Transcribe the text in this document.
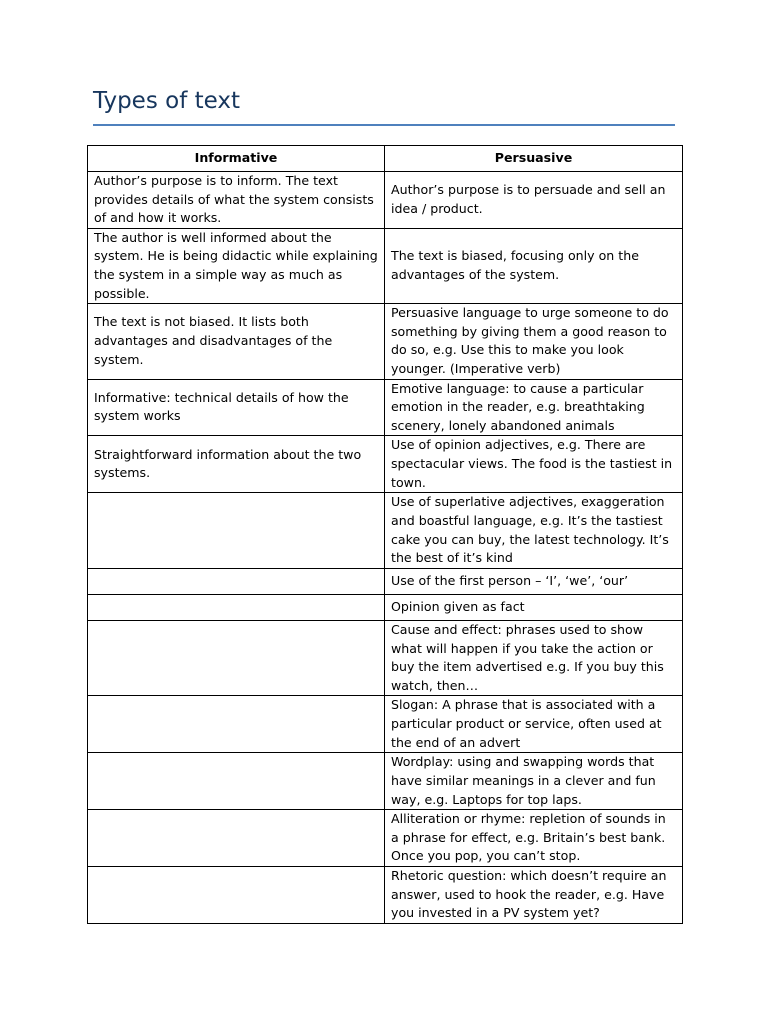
Types of text
Informative	Persuasive
Author’s purpose is to inform. The text provides details of what the system consists of and how it works.	Author’s purpose is to persuade and sell an idea / product.
The author is well informed about the system. He is being didactic while explaining the system in a simple way as much as possible.	The text is biased, focusing only on the advantages of the system.
The text is not biased. It lists both advantages and disadvantages of the system.	Persuasive language to urge someone to do something by giving them a good reason to do so, e.g. Use this to make you look younger. (Imperative verb)
Informative: technical details of how the system works	Emotive language: to cause a particular emotion in the reader, e.g. breathtaking scenery, lonely abandoned animals
Straightforward information about the two systems.	Use of opinion adjectives, e.g. There are spectacular views. The food is the tastiest in town.
	Use of superlative adjectives, exaggeration and boastful language, e.g. It’s the tastiest cake you can buy, the latest technology. It’s the best of it’s kind
	Use of the first person – ‘I’, ‘we’, ‘our’
	Opinion given as fact
	Cause and effect: phrases used to show what will happen if you take the action or buy the item advertised e.g. If you buy this watch, then…
	Slogan: A phrase that is associated with a particular product or service, often used at the end of an advert
	Wordplay: using and swapping words that have similar meanings in a clever and fun way, e.g. Laptops for top laps.
	Alliteration or rhyme: repletion of sounds in a phrase for effect, e.g. Britain’s best bank. Once you pop, you can’t stop.
	Rhetoric question: which doesn’t require an answer, used to hook the reader, e.g. Have you invested in a PV system yet?
